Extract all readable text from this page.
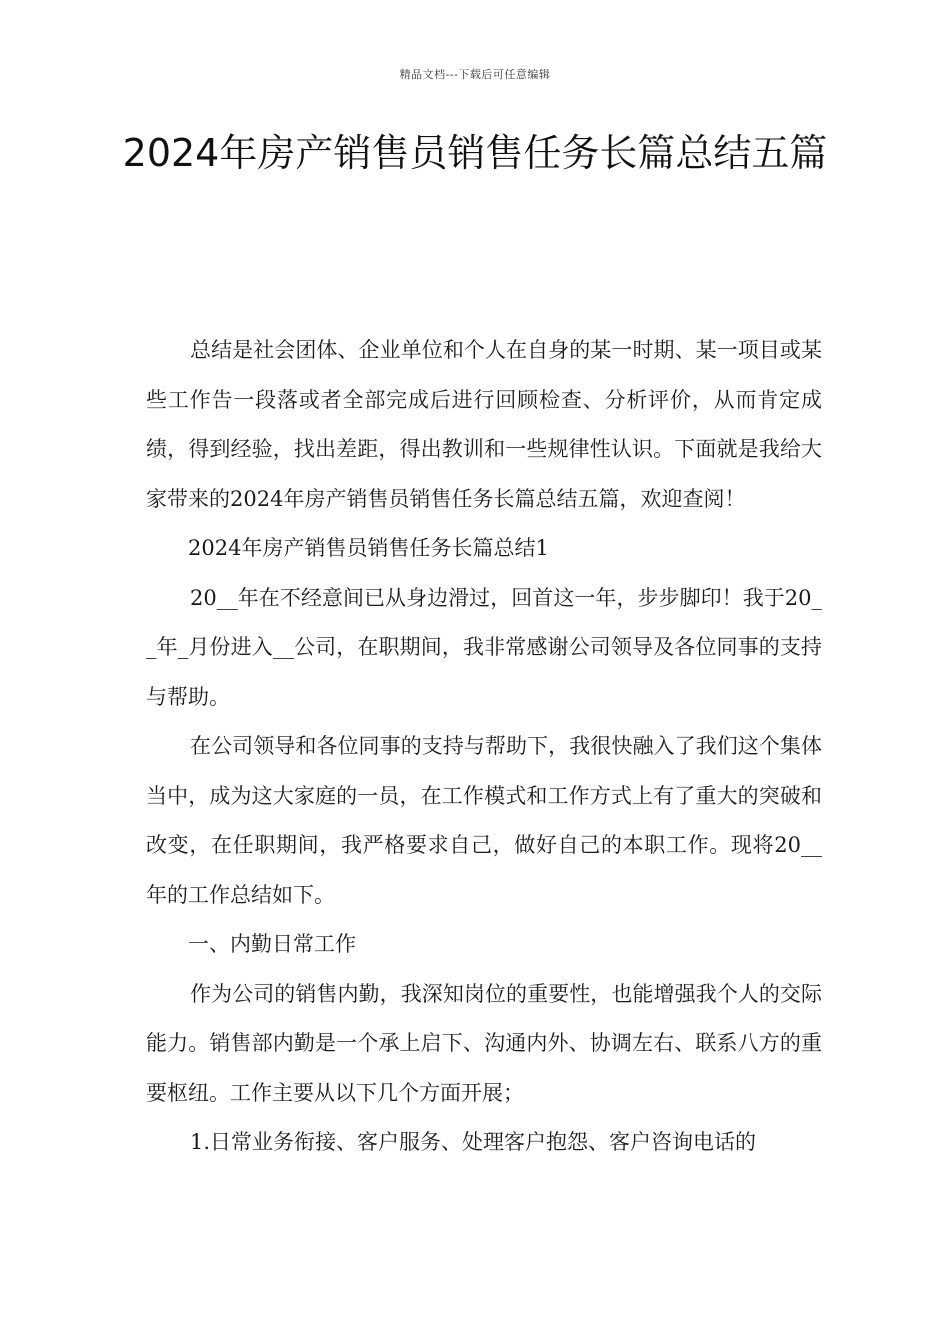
精品文档---下载后可任意编辑
2024年房产销售员销售任务长篇总结五篇

总结是社会团体、企业单位和个人在自身的某一时期、某一项目或某些工作告一段落或者全部完成后进行回顾检查、分析评价，从而肯定成绩，得到经验，找出差距，得出教训和一些规律性认识。下面就是我给大家带来的2024年房产销售员销售任务长篇总结五篇，欢迎查阅！

2024年房产销售员销售任务长篇总结1

20__年在不经意间已从身边滑过，回首这一年，步步脚印！我于20__年_月份进入__公司，在职期间，我非常感谢公司领导及各位同事的支持与帮助。

在公司领导和各位同事的支持与帮助下，我很快融入了我们这个集体当中，成为这大家庭的一员，在工作模式和工作方式上有了重大的突破和改变，在任职期间，我严格要求自己，做好自己的本职工作。现将20__年的工作总结如下。

一、内勤日常工作

作为公司的销售内勤，我深知岗位的重要性，也能增强我个人的交际能力。销售部内勤是一个承上启下、沟通内外、协调左右、联系八方的重要枢纽。工作主要从以下几个方面开展；

1.日常业务衔接、客户服务、处理客户抱怨、客户咨询电话的
